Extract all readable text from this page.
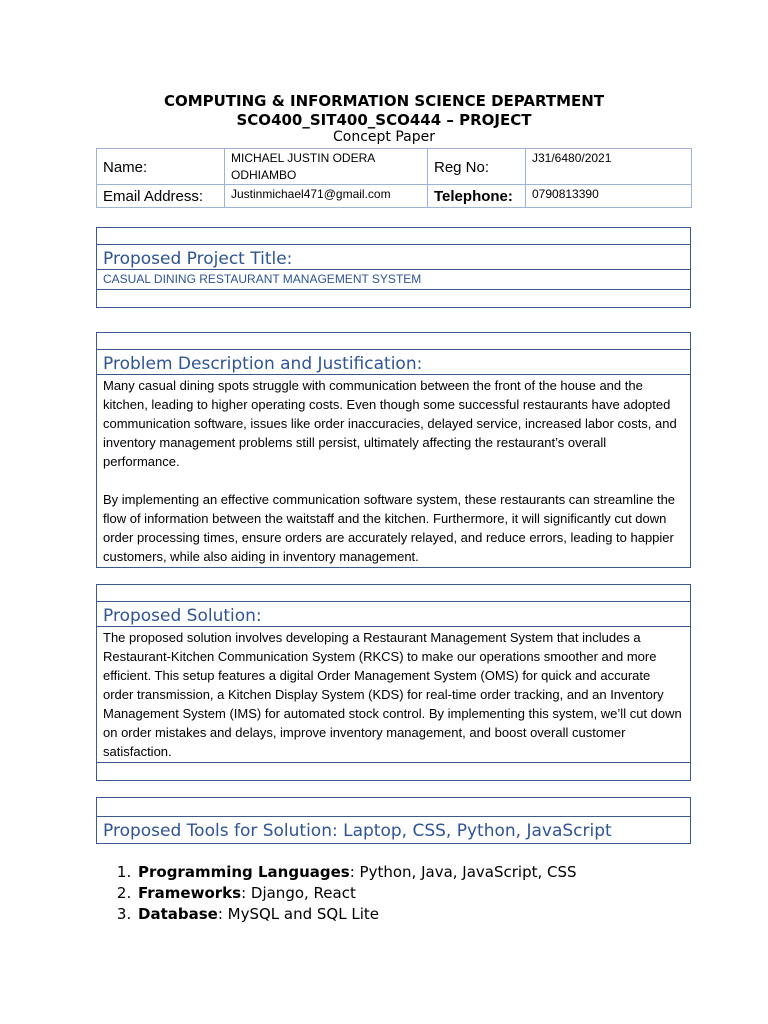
COMPUTING & INFORMATION SCIENCE DEPARTMENT
SCO400_SIT400_SCO444 – PROJECT
Concept Paper
Name:	MICHAEL JUSTIN ODERA ODHIAMBO	Reg No:	J31/6480/2021
Email Address:	Justinmichael471@gmail.com	Telephone:	0790813390
Proposed Project Title:
CASUAL DINING RESTAURANT MANAGEMENT SYSTEM
Problem Description and Justification:

Many casual dining spots struggle with communication between the front of the house and the kitchen, leading to higher operating costs. Even though some successful restaurants have adopted communication software, issues like order inaccuracies, delayed service, increased labor costs, and inventory management problems still persist, ultimately affecting the restaurant’s overall performance.

By implementing an effective communication software system, these restaurants can streamline the flow of information between the waitstaff and the kitchen. Furthermore, it will significantly cut down order processing times, ensure orders are accurately relayed, and reduce errors, leading to happier customers, while also aiding in inventory management.

Proposed Solution:

The proposed solution involves developing a Restaurant Management System that includes a Restaurant-Kitchen Communication System (RKCS) to make our operations smoother and more efficient. This setup features a digital Order Management System (OMS) for quick and accurate order transmission, a Kitchen Display System (KDS) for real-time order tracking, and an Inventory Management System (IMS) for automated stock control. By implementing this system, we’ll cut down on order mistakes and delays, improve inventory management, and boost overall customer satisfaction.

Proposed Tools for Solution: Laptop, CSS, Python, JavaScript
1. Programming Languages: Python, Java, JavaScript, CSS
2. Frameworks: Django, React
3. Database: MySQL and SQL Lite
